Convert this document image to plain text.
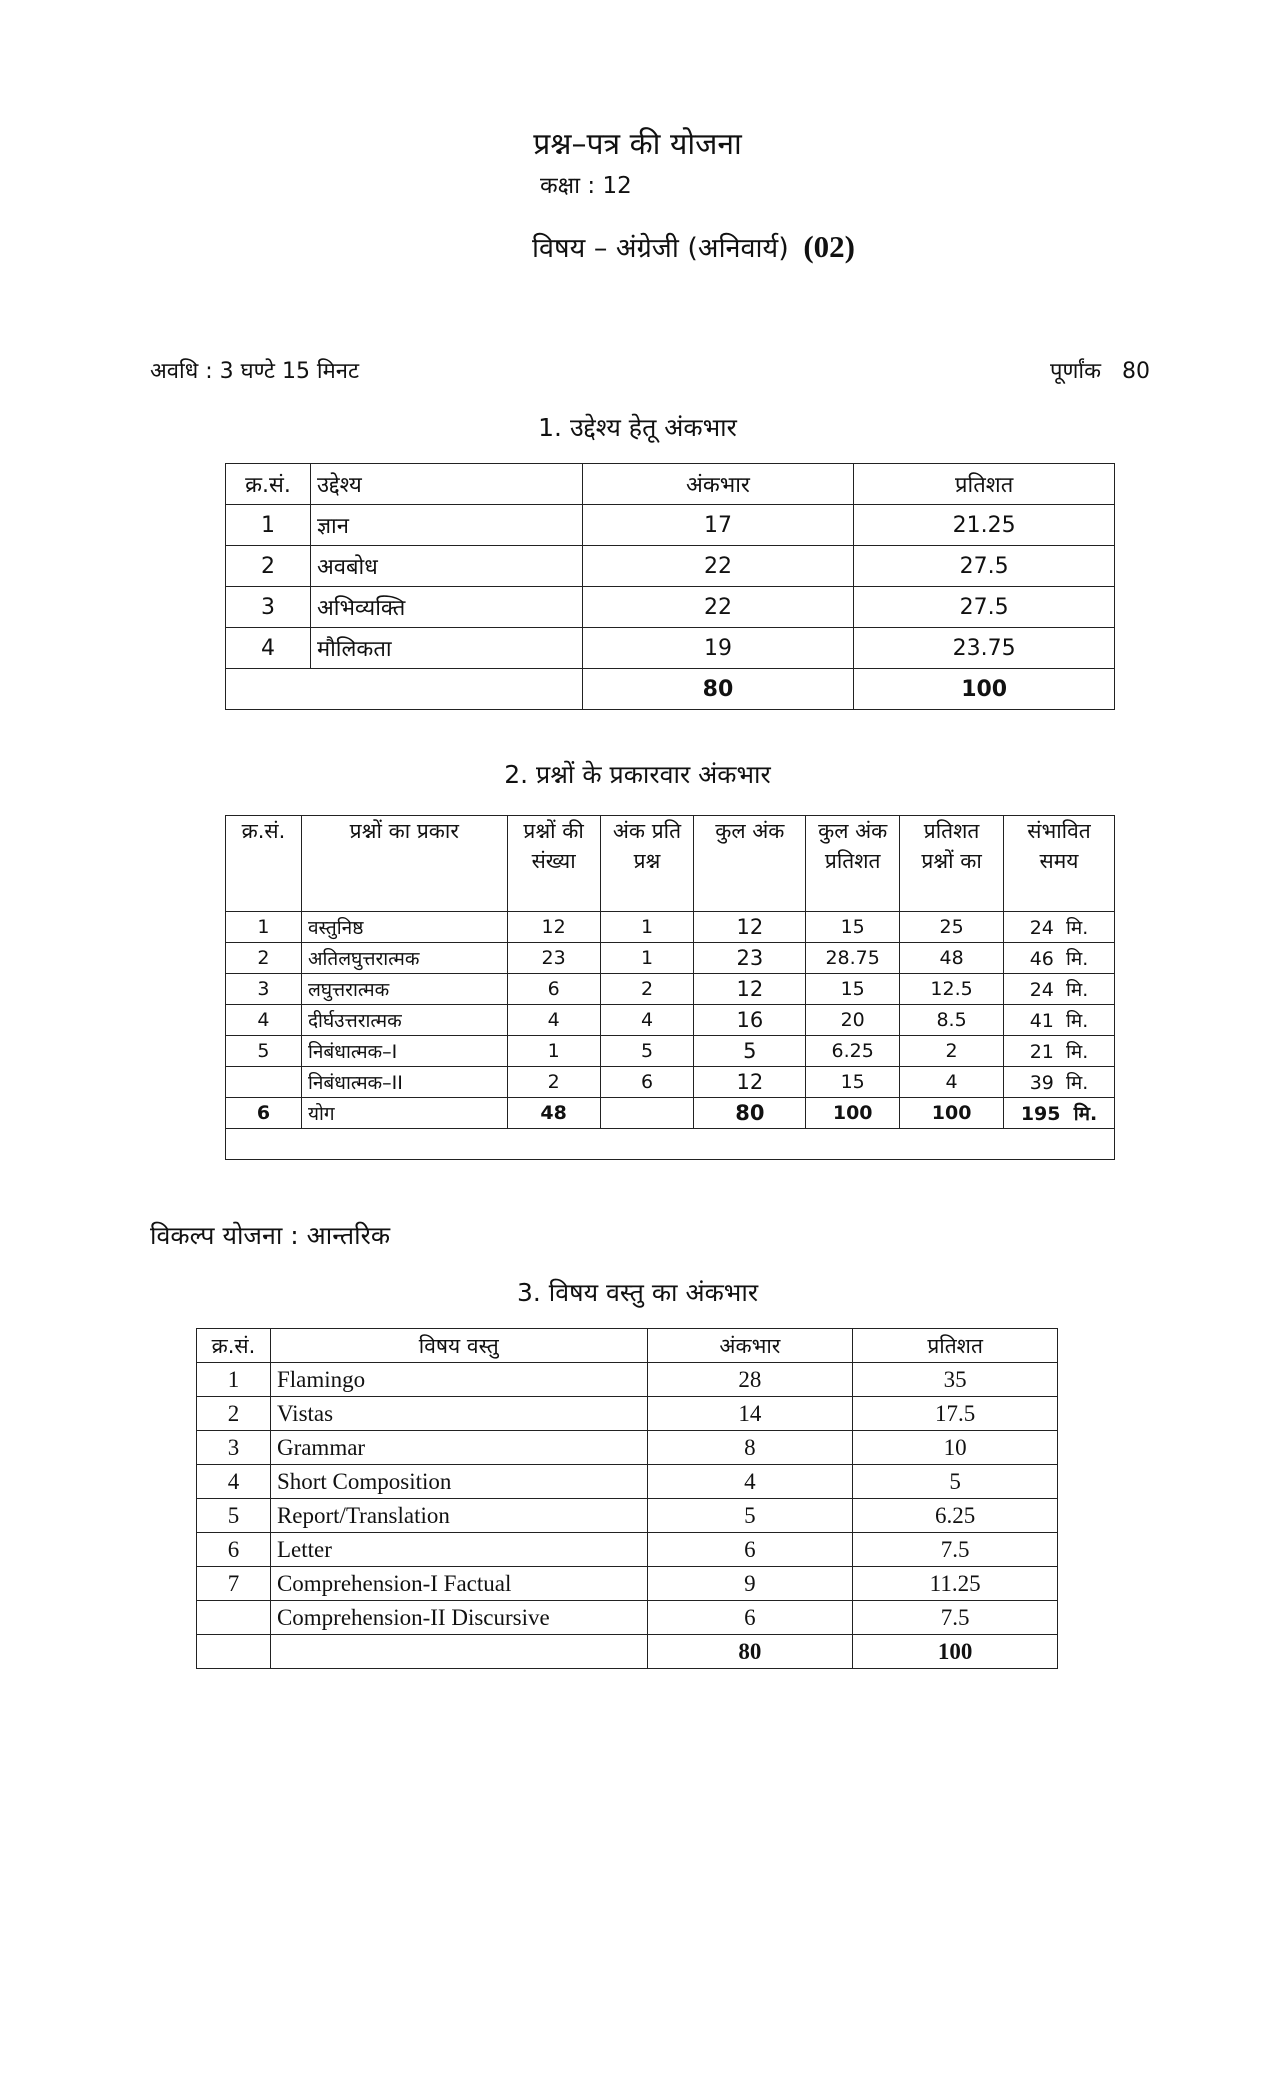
प्रश्न–पत्र की योजना
कक्षा : 12
विषय – अंग्रेजी (अनिवार्य) (02)
अवधि : 3 घण्टे 15 मिनट	पूर्णांक   80
1. उद्देश्य हेतू अंकभार
क्र.सं.	उद्देश्य	अंकभार	प्रतिशत
1	ज्ञान	17	21.25
2	अवबोध	22	27.5
3	अभिव्यक्ति	22	27.5
4	मौलिकता	19	23.75
		80	100
2. प्रश्नों के प्रकारवार अंकभार
क्र.सं.	प्रश्नों का प्रकार	प्रश्नों की संख्या	अंक प्रति प्रश्न	कुल अंक	कुल अंक प्रतिशत	प्रतिशत प्रश्नों का	संभावित समय

1	वस्तुनिष्ठ	12	1	12	15	25	24  मि.
2	अतिलघुत्तरात्मक	23	1	23	28.75	48	46  मि.
3	लघुत्तरात्मक	6	2	12	15	12.5	24  मि.
4	दीर्घउत्तरात्मक	4	4	16	20	8.5	41  मि.
5	निबंधात्मक–I	1	5	5	6.25	2	21  मि.
	निबंधात्मक–II	2	6	12	15	4	39  मि.
6	योग	48		80	100	100	195  मि.

विकल्प योजना : आन्तरिक
3. विषय वस्तु का अंकभार
क्र.सं.	विषय वस्तु	अंकभार	प्रतिशत
1	Flamingo	28	35
2	Vistas	14	17.5
3	Grammar	8	10
4	Short Composition	4	5
5	Report/Translation	5	6.25
6	Letter	6	7.5
7	Comprehension-I Factual	9	11.25
	Comprehension-II Discursive	6	7.5
		80	100
